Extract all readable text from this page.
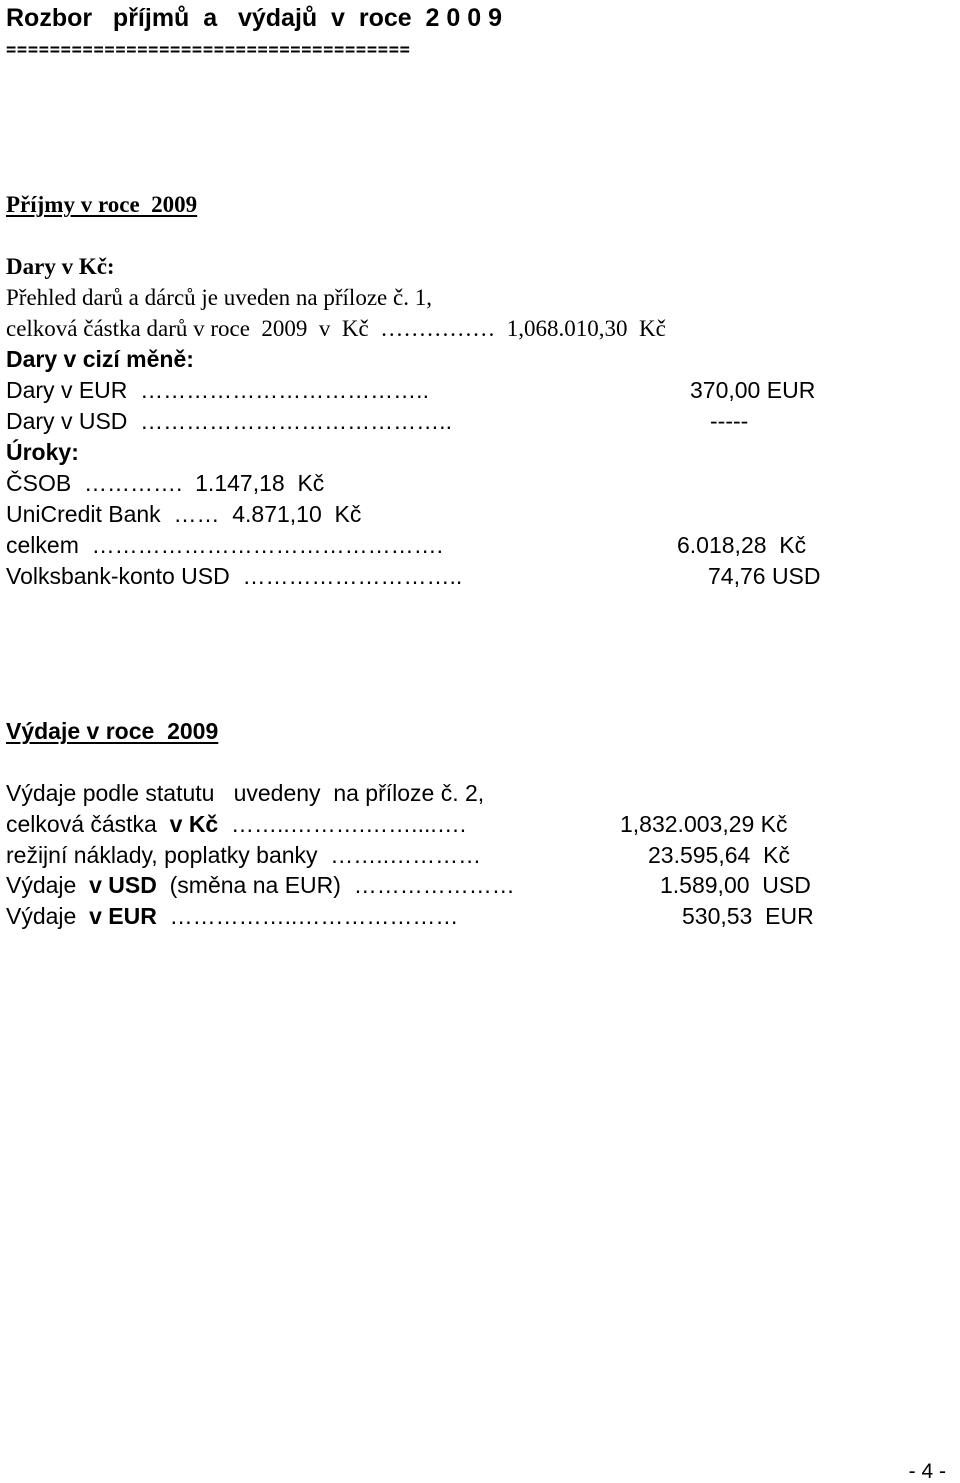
Rozbor   příjmů  a   výdajů  v  roce  2 0 0 9
=====================================
Příjmy v roce  2009
Dary v Kč:
Přehled darů a dárců je uveden na příloze č. 1,
celková částka darů v roce  2009  v  Kč  ……………  1,068.010,30  Kč
Dary v cizí měně:
Dary v EUR  ………………………………..	370,00 EUR
Dary v USD  …………………………………..	-----
Úroky:
ČSOB  ………….  1.147,18  Kč
UniCredit Bank  ……  4.871,10  Kč
celkem  ……………………………………….	6.018,28  Kč
Volksbank-konto USD  ………………………..	74,76 USD
Výdaje v roce  2009
Výdaje podle statutu   uvedeny  na příloze č. 2,
celková částka  v Kč  ……..……….……....….	1,832.003,29 Kč
režijní náklady, poplatky banky  ……..…………	23.595,64  Kč
Výdaje  v USD  (směna na EUR)  …………………	1.589,00  USD
Výdaje  v EUR  ……………..…………………	530,53  EUR
- 4 -
